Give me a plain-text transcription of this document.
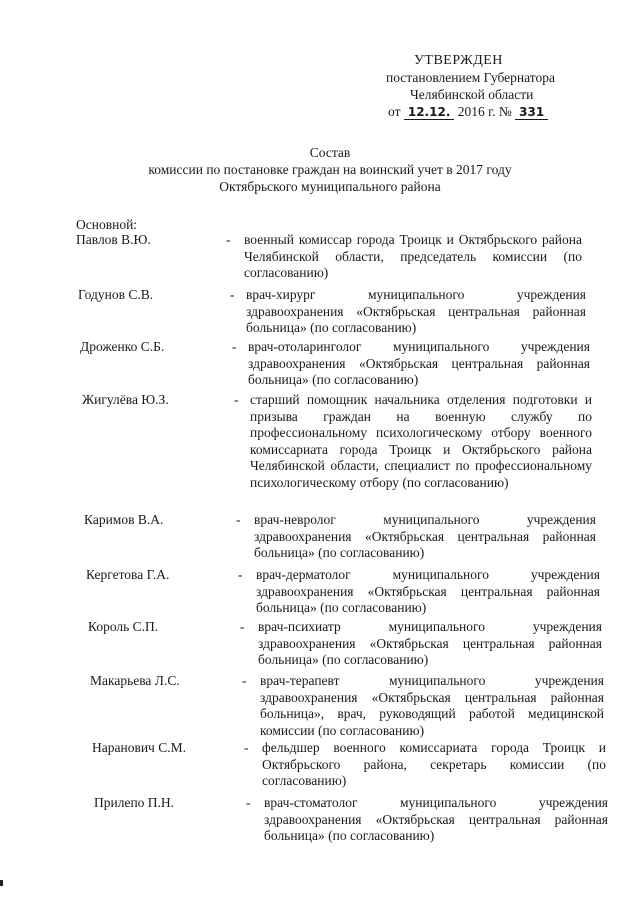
УТВЕРЖДЕН
постановлением Губернатора
Челябинской области
от 12.12. 2016 г. № 331
Состав
комиссии по постановке граждан на воинский учет в 2017 году
Октябрьского муниципального района
Основной:
Павлов В.Ю.	- военный комиссар города Троицк и Октябрьского района Челябинской области, председатель комиссии (по согласованию)
Годунов С.В.	- врач-хирург муниципального учреждения здравоохранения «Октябрьская центральная районная больница» (по согласованию)
Дроженко С.Б.	- врач-отоларинголог муниципального учреждения здравоохранения «Октябрьская центральная районная больница» (по согласованию)
Жигулёва Ю.З.	- старший помощник начальника отделения подготовки и призыва граждан на военную службу по профессиональному психологическому отбору военного комиссариата города Троицк и Октябрьского района Челябинской области, специалист по профессиональному психологическому отбору (по согласованию)
Каримов В.А.	- врач-невролог муниципального учреждения здравоохранения «Октябрьская центральная районная больница» (по согласованию)
Кергетова Г.А.	- врач-дерматолог муниципального учреждения здравоохранения «Октябрьская центральная районная больница» (по согласованию)
Король С.П.	- врач-психиатр муниципального учреждения здравоохранения «Октябрьская центральная районная больница» (по согласованию)
Макарьева Л.С.	- врач-терапевт муниципального учреждения здравоохранения «Октябрьская центральная районная больница», врач, руководящий работой медицинской комиссии (по согласованию)
Наранович С.М.	- фельдшер военного комиссариата города Троицк и Октябрьского района, секретарь комиссии (по согласованию)
Прилепо П.Н.	- врач-стоматолог муниципального учреждения здравоохранения «Октябрьская центральная районная больница» (по согласованию)
